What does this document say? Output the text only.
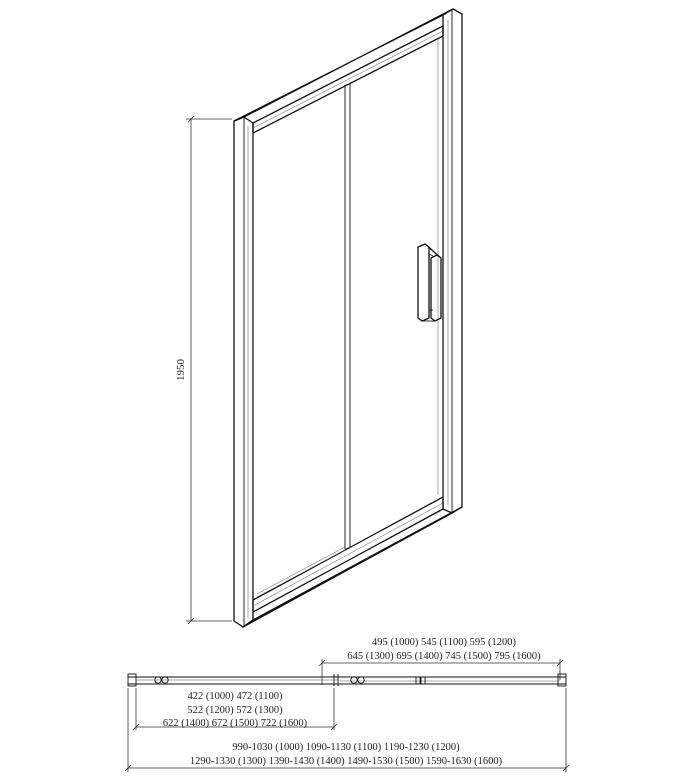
1950
495 (1000) 545 (1100) 595 (1200)
645 (1300) 695 (1400) 745 (1500) 795 (1600)
422 (1000) 472 (1100)
522 (1200) 572 (1300)
622 (1400) 672 (1500) 722 (1600)
990-1030 (1000) 1090-1130 (1100) 1190-1230 (1200)
1290-1330 (1300) 1390-1430 (1400) 1490-1530 (1500) 1590-1630 (1600)
